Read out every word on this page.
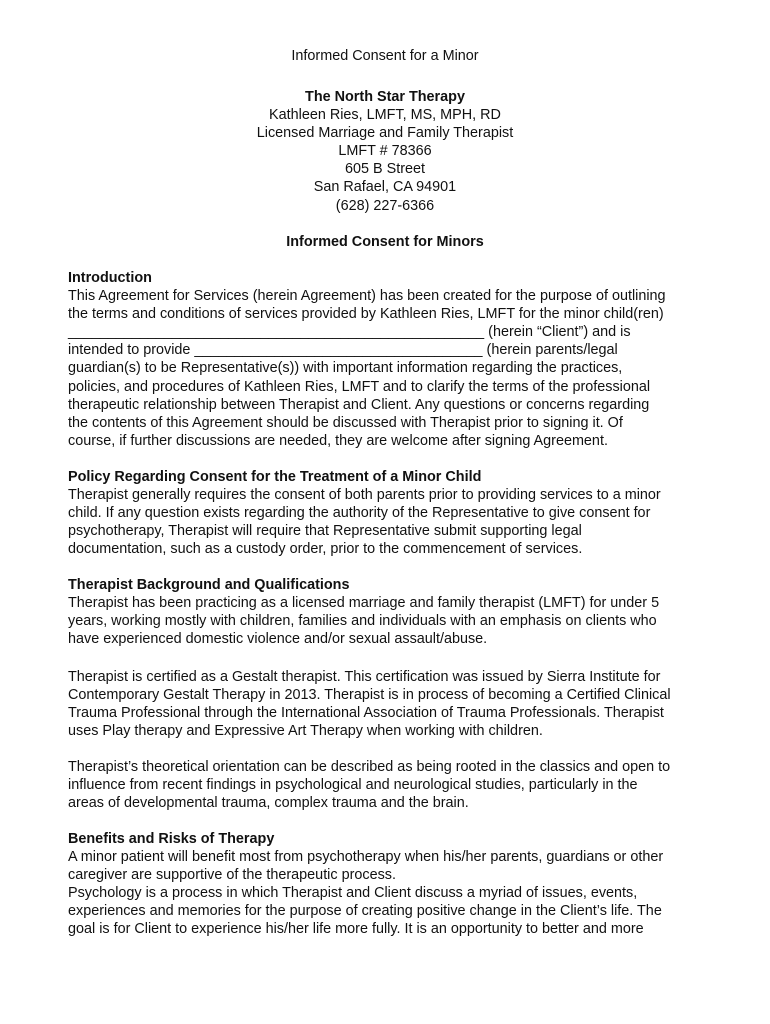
Informed Consent for a Minor
The North Star Therapy
Kathleen Ries, LMFT, MS, MPH, RD
Licensed Marriage and Family Therapist
LMFT # 78366
605 B Street
San Rafael, CA 94901
(628) 227-6366
Informed Consent for Minors
Introduction
This Agreement for Services (herein Agreement) has been created for the purpose of outlining
the terms and conditions of services provided by Kathleen Ries, LMFT for the minor child(ren)
____________________________________________________ (herein “Client”) and is
intended to provide ____________________________________ (herein parents/legal
guardian(s) to be Representative(s)) with important information regarding the practices,
policies, and procedures of Kathleen Ries, LMFT and to clarify the terms of the professional
therapeutic relationship between Therapist and Client. Any questions or concerns regarding
the contents of this Agreement should be discussed with Therapist prior to signing it. Of
course, if further discussions are needed, they are welcome after signing Agreement.
Policy Regarding Consent for the Treatment of a Minor Child
Therapist generally requires the consent of both parents prior to providing services to a minor
child. If any question exists regarding the authority of the Representative to give consent for
psychotherapy, Therapist will require that Representative submit supporting legal
documentation, such as a custody order, prior to the commencement of services.
Therapist Background and Qualifications
Therapist has been practicing as a licensed marriage and family therapist (LMFT) for under 5
years, working mostly with children, families and individuals with an emphasis on clients who
have experienced domestic violence and/or sexual assault/abuse.
Therapist is certified as a Gestalt therapist. This certification was issued by Sierra Institute for
Contemporary Gestalt Therapy in 2013. Therapist is in process of becoming a Certified Clinical
Trauma Professional through the International Association of Trauma Professionals. Therapist
uses Play therapy and Expressive Art Therapy when working with children.
Therapist’s theoretical orientation can be described as being rooted in the classics and open to
influence from recent findings in psychological and neurological studies, particularly in the
areas of developmental trauma, complex trauma and the brain.
Benefits and Risks of Therapy
A minor patient will benefit most from psychotherapy when his/her parents, guardians or other
caregiver are supportive of the therapeutic process.
Psychology is a process in which Therapist and Client discuss a myriad of issues, events,
experiences and memories for the purpose of creating positive change in the Client’s life. The
goal is for Client to experience his/her life more fully. It is an opportunity to better and more
